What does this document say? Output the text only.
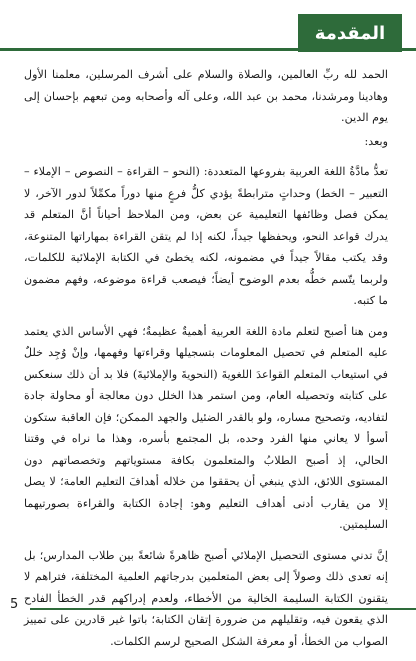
المقدمة

الحمد لله ربِّ العالمين، والصلاة والسلام على أشرف المرسلين، معلمنا الأول وهادينا ومرشدنا، محمد بن عبد الله، وعلى آله وأصحابه ومن تبعهم بإحسان إلى يوم الدين.

وبعد:

تعدُّ مادَّةُ اللغة العربية بفروعها المتعددة: (النحو – القراءة – النصوص – الإملاء – التعبير – الخط) وحداتٍ مترابطةً يؤدي كلُّ فرعٍ منها دوراً مكمِّلاً لدور الآخر، لا يمكن فصل وظائفها التعليمية عن بعض، ومن الملاحظ أحياناً أنَّ المتعلم قد يدرك قواعد النحو، ويحفظها جيداً، لكنه إذا لم يتقن القراءة بمهاراتها المتنوعة، وقد يكتب مقالاً جيداً في مضمونه، لكنه يخطئ في الكتابة الإملائية للكلمات، ولربما يتّسم خطُّه بعدم الوضوح أيضاً؛ فيصعب قراءة موضوعه، وفهم مضمون ما كتبه.

ومن هنا أصبح لتعلم مادة اللغة العربية أهميةٌ عظيمةٌ؛ فهي الأساس الذي يعتمد عليه المتعلم في تحصيل المعلومات بتسجيلها وقراءتها وفهمها، وإنْ وُجِد خللٌ في استيعاب المتعلم القواعدَ اللغويةَ (النحويةَ والإملائيةَ) فلا بد أن ذلك سنعكس على كتابته وتحصيله العام، ومن استمر هذا الخلل دون معالجة أو محاولة جادة لتفاديه، وتصحيح مساره، ولو بالقدر الضئيل والجهد الممكن؛ فإن العاقبة ستكون أسوأ لا يعاني منها الفرد وحده، بل المجتمع بأسره، وهذا ما نراه في وقتنا الحالي، إذ أصبح الطلابُ والمتعلمون بكافة مستوياتهم وتخصصاتهم دون المستوى اللائق، الذي ينبغي أن يحققوا من خلاله أهدافَ التعليم العامة؛ لا يصل إلا من يقارب أدنى أهداف التعليم وهو: إجادة الكتابة والقراءة بصورتيهما السليمتين.

إنَّ تدني مستوى التحصيل الإملائي أصبح ظاهرةً شائعةً بين طلاب المدارس؛ بل إنه تعدى ذلك وصولاً إلى بعض المتعلمين بدرجاتهم العلمية المختلفة، فتراهم لا يتقنون الكتابة السليمة الخالية من الأخطاء، ولعدم إدراكهم قدر الخطأ الفادح الذي يقعون فيه، وتقليلهم من ضرورة إتقان الكتابة؛ باتوا غير قادرين على تمييز الصواب من الخطأ، أو معرفة الشكل الصحيح لرسم الكلمات.

5
